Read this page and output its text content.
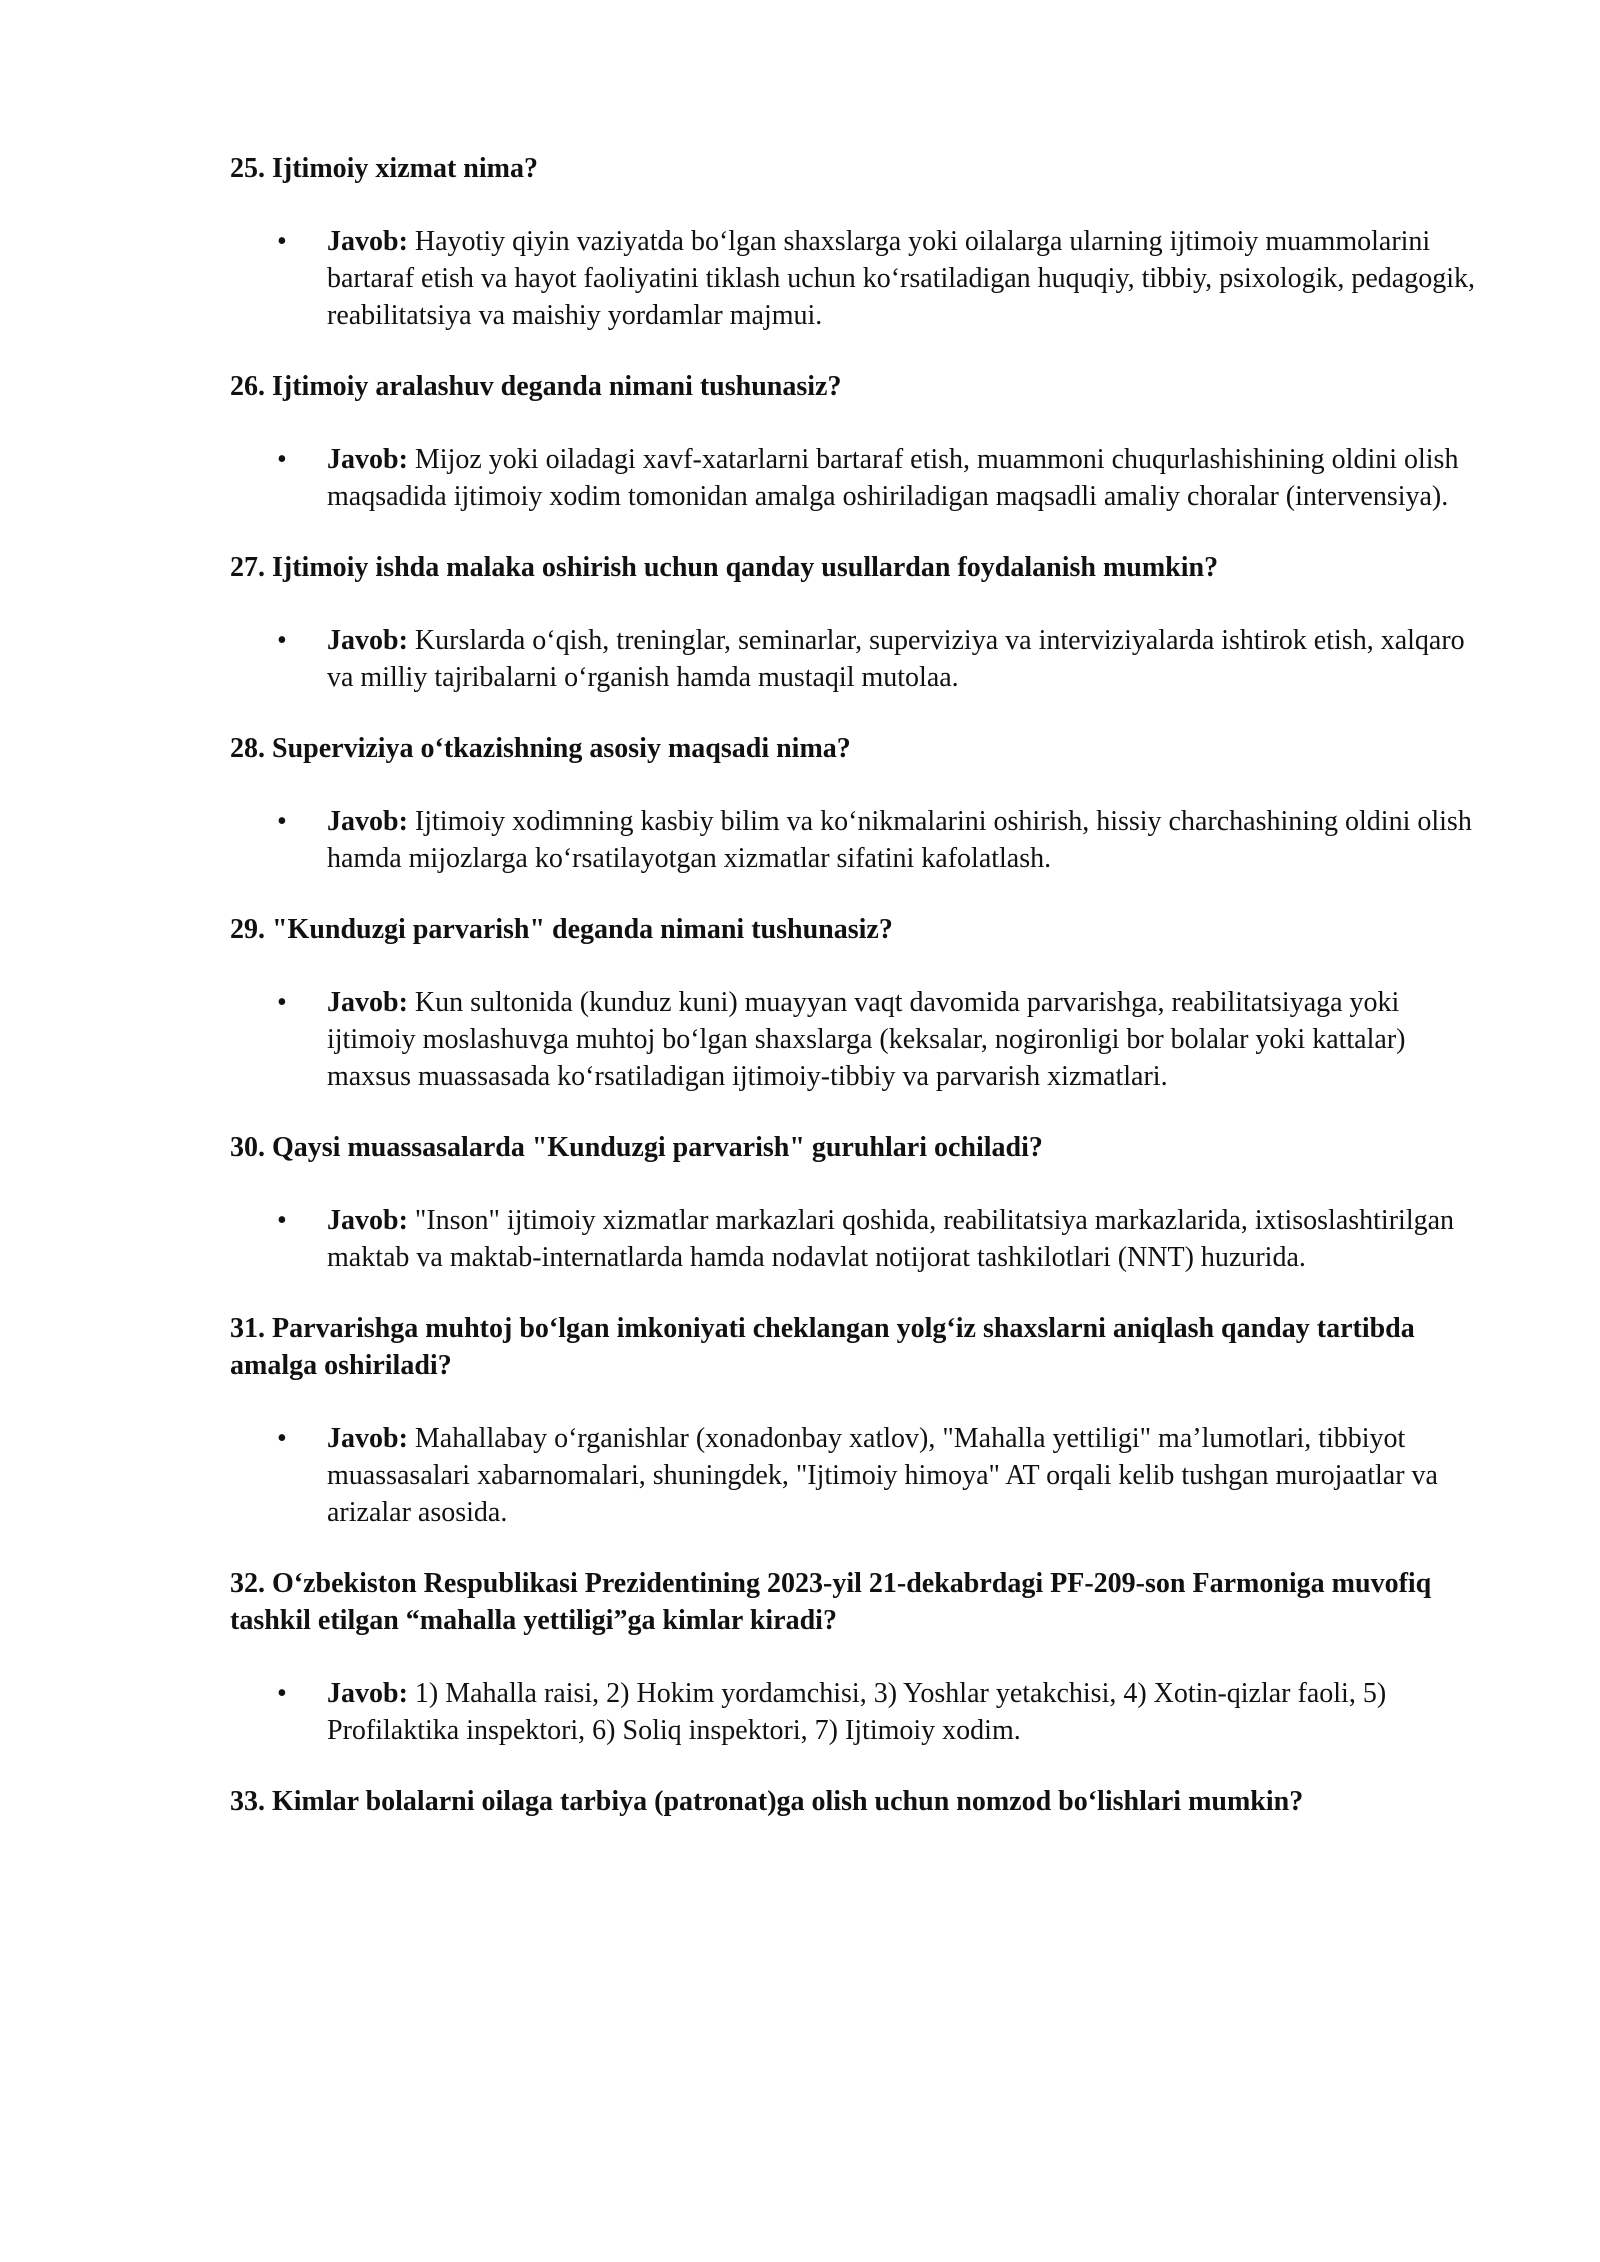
25. Ijtimoiy xizmat nima?
• Javob: Hayotiy qiyin vaziyatda bo‘lgan shaxslarga yoki oilalarga ularning ijtimoiy muammolarini bartaraf etish va hayot faoliyatini tiklash uchun ko‘rsatiladigan huquqiy, tibbiy, psixologik, pedagogik, reabilitatsiya va maishiy yordamlar majmui.
26. Ijtimoiy aralashuv deganda nimani tushunasiz?
• Javob: Mijoz yoki oiladagi xavf-xatarlarni bartaraf etish, muammoni chuqurlashishining oldini olish maqsadida ijtimoiy xodim tomonidan amalga oshiriladigan maqsadli amaliy choralar (intervensiya).
27. Ijtimoiy ishda malaka oshirish uchun qanday usullardan foydalanish mumkin?
• Javob: Kurslarda o‘qish, treninglar, seminarlar, superviziya va interviziyalarda ishtirok etish, xalqaro va milliy tajribalarni o‘rganish hamda mustaqil mutolaa.
28. Superviziya o‘tkazishning asosiy maqsadi nima?
• Javob: Ijtimoiy xodimning kasbiy bilim va ko‘nikmalarini oshirish, hissiy charchashining oldini olish hamda mijozlarga ko‘rsatilayotgan xizmatlar sifatini kafolatlash.
29. "Kunduzgi parvarish" deganda nimani tushunasiz?
• Javob: Kun sultonida (kunduz kuni) muayyan vaqt davomida parvarishga, reabilitatsiyaga yoki ijtimoiy moslashuvga muhtoj bo‘lgan shaxslarga (keksalar, nogironligi bor bolalar yoki kattalar) maxsus muassasada ko‘rsatiladigan ijtimoiy-tibbiy va parvarish xizmatlari.
30. Qaysi muassasalarda "Kunduzgi parvarish" guruhlari ochiladi?
• Javob: "Inson" ijtimoiy xizmatlar markazlari qoshida, reabilitatsiya markazlarida, ixtisoslashtirilgan maktab va maktab-internatlarda hamda nodavlat notijorat tashkilotlari (NNT) huzurida.
31. Parvarishga muhtoj bo‘lgan imkoniyati cheklangan yolg‘iz shaxslarni aniqlash qanday tartibda amalga oshiriladi?
• Javob: Mahallabay o‘rganishlar (xonadonbay xatlov), "Mahalla yettiligi" ma’lumotlari, tibbiyot muassasalari xabarnomalari, shuningdek, "Ijtimoiy himoya" AT orqali kelib tushgan murojaatlar va arizalar asosida.
32. O‘zbekiston Respublikasi Prezidentining 2023-yil 21-dekabrdagi PF-209-son Farmoniga muvofiq tashkil etilgan “mahalla yettiligi”ga kimlar kiradi?
• Javob: 1) Mahalla raisi, 2) Hokim yordamchisi, 3) Yoshlar yetakchisi, 4) Xotin-qizlar faoli, 5) Profilaktika inspektori, 6) Soliq inspektori, 7) Ijtimoiy xodim.
33. Kimlar bolalarni oilaga tarbiya (patronat)ga olish uchun nomzod bo‘lishlari mumkin?
